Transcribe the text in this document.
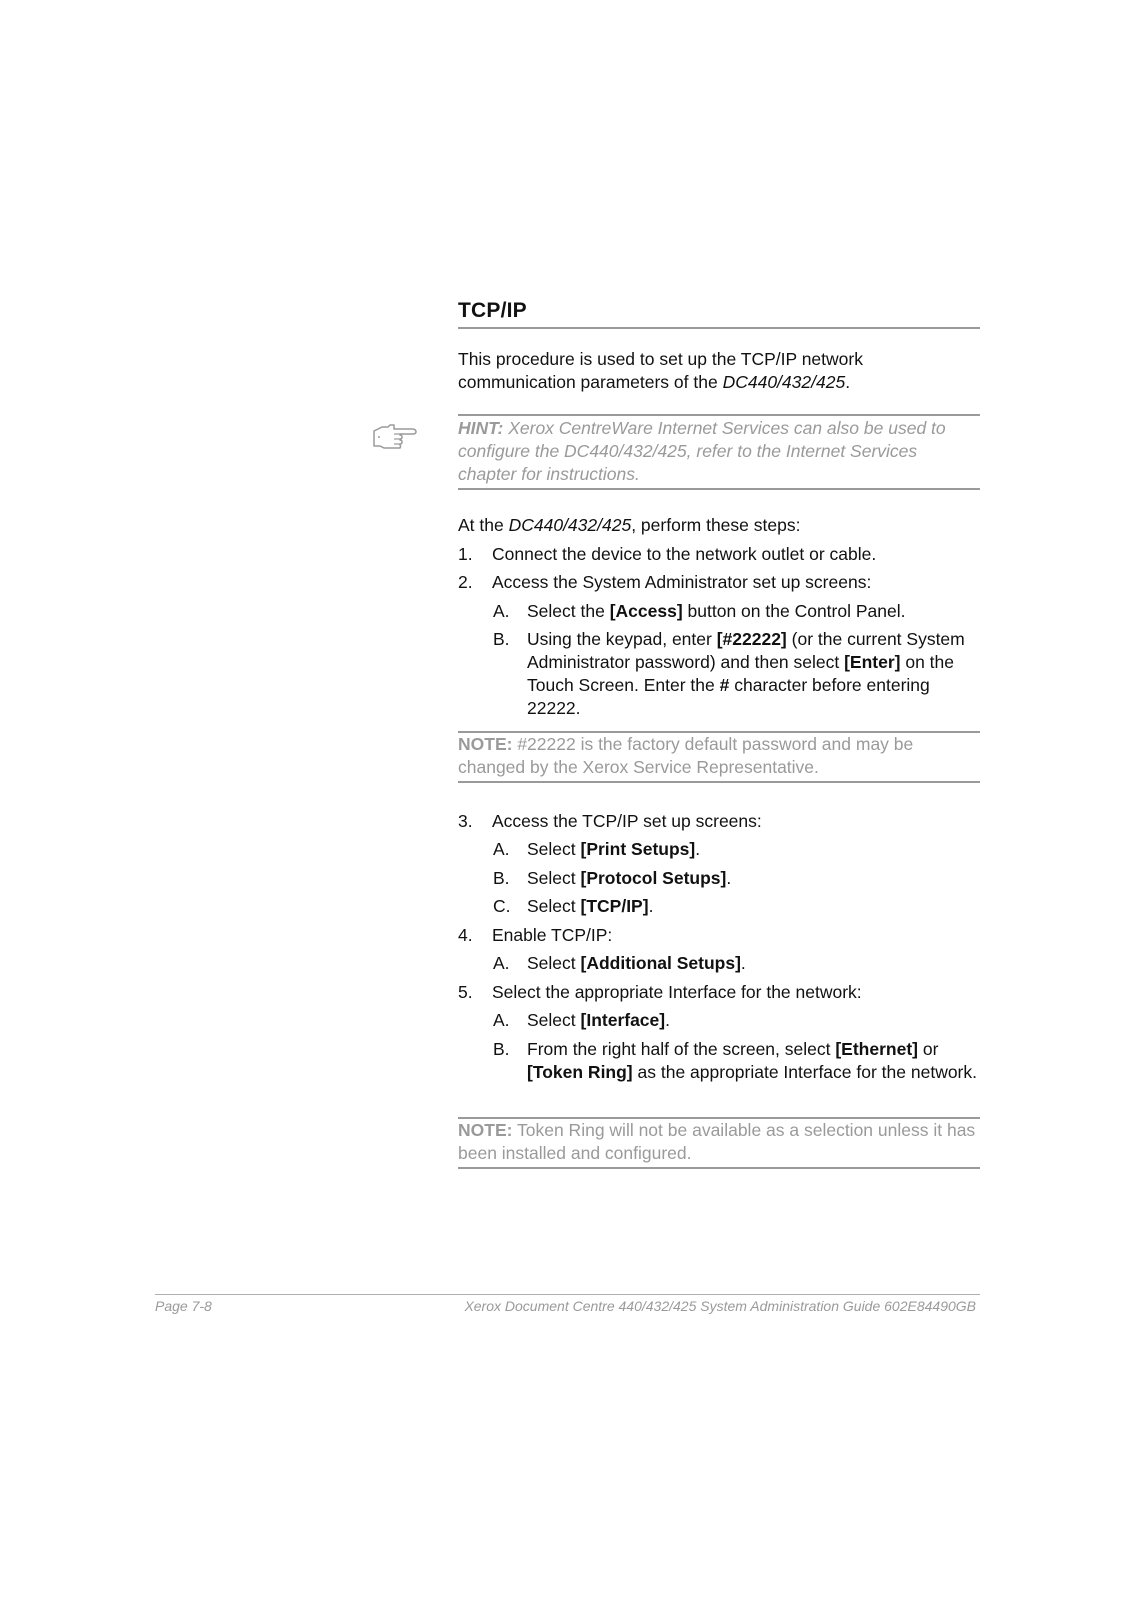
TCP/IP
This procedure is used to set up the TCP/IP network communication parameters of the DC440/432/425.
HINT: Xerox CentreWare Internet Services can also be used to configure the DC440/432/425, refer to the Internet Services chapter for instructions.
At the DC440/432/425, perform these steps:
1.	Connect the device to the network outlet or cable.
2.	Access the System Administrator set up screens:
A. Select the [Access] button on the Control Panel.
B. Using the keypad, enter [#22222] (or the current System Administrator password) and then select [Enter] on the Touch Screen. Enter the # character before entering 22222.
NOTE: #22222 is the factory default password and may be changed by the Xerox Service Representative.
3.	Access the TCP/IP set up screens:
A. Select [Print Setups].
B. Select [Protocol Setups].
C. Select [TCP/IP].
4.	Enable TCP/IP:
A. Select [Additional Setups].
5.	Select the appropriate Interface for the network:
A. Select [Interface].
B. From the right half of the screen, select [Ethernet] or [Token Ring] as the appropriate Interface for the network.
NOTE: Token Ring will not be available as a selection unless it has been installed and configured.
Page 7-8	Xerox Document Centre 440/432/425 System Administration Guide 602E84490GB
